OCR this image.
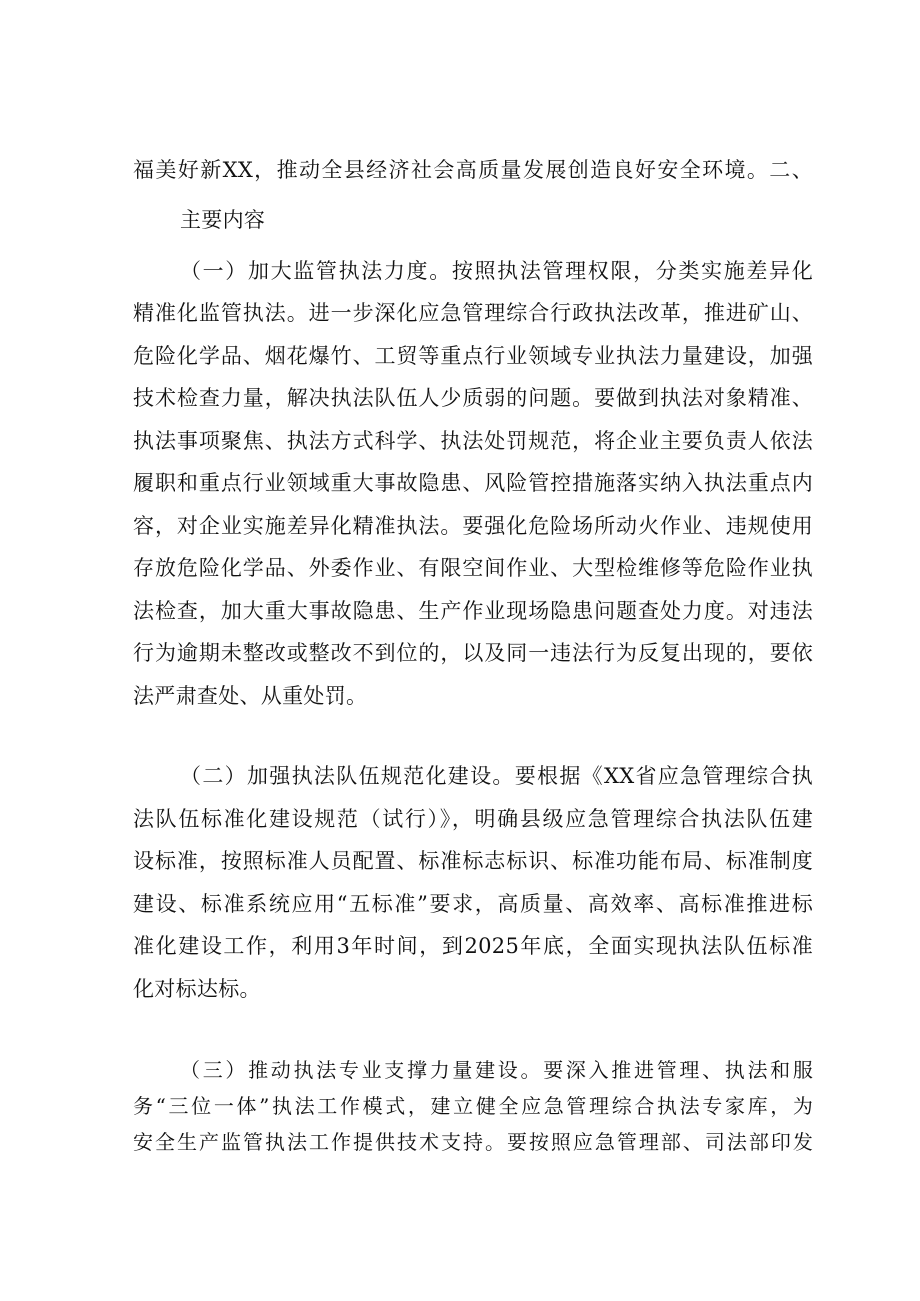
福美好新XX，推动全县经济社会高质量发展创造良好安全环境。二、
主要内容
（一）加大监管执法力度。按照执法管理权限，分类实施差异化
精准化监管执法。进一步深化应急管理综合行政执法改革，推进矿山、
危险化学品、烟花爆竹、工贸等重点行业领域专业执法力量建设，加强
技术检查力量，解决执法队伍人少质弱的问题。要做到执法对象精准、
执法事项聚焦、执法方式科学、执法处罚规范，将企业主要负责人依法
履职和重点行业领域重大事故隐患、风险管控措施落实纳入执法重点内
容，对企业实施差异化精准执法。要强化危险场所动火作业、违规使用
存放危险化学品、外委作业、有限空间作业、大型检维修等危险作业执
法检查，加大重大事故隐患、生产作业现场隐患问题查处力度。对违法
行为逾期未整改或整改不到位的，以及同一违法行为反复出现的，要依
法严肃查处、从重处罚。
（二）加强执法队伍规范化建设。要根据《XX省应急管理综合执
法队伍标准化建设规范（试行）》，明确县级应急管理综合执法队伍建
设标准，按照标准人员配置、标准标志标识、标准功能布局、标准制度
建设、标准系统应用“五标准”要求，高质量、高效率、高标准推进标
准化建设工作，利用3年时间，到2025年底，全面实现执法队伍标准
化对标达标。
（三）推动执法专业支撑力量建设。要深入推进管理、执法和服
务“三位一体”执法工作模式，建立健全应急管理综合执法专家库，为
安全生产监管执法工作提供技术支持。要按照应急管理部、司法部印发
